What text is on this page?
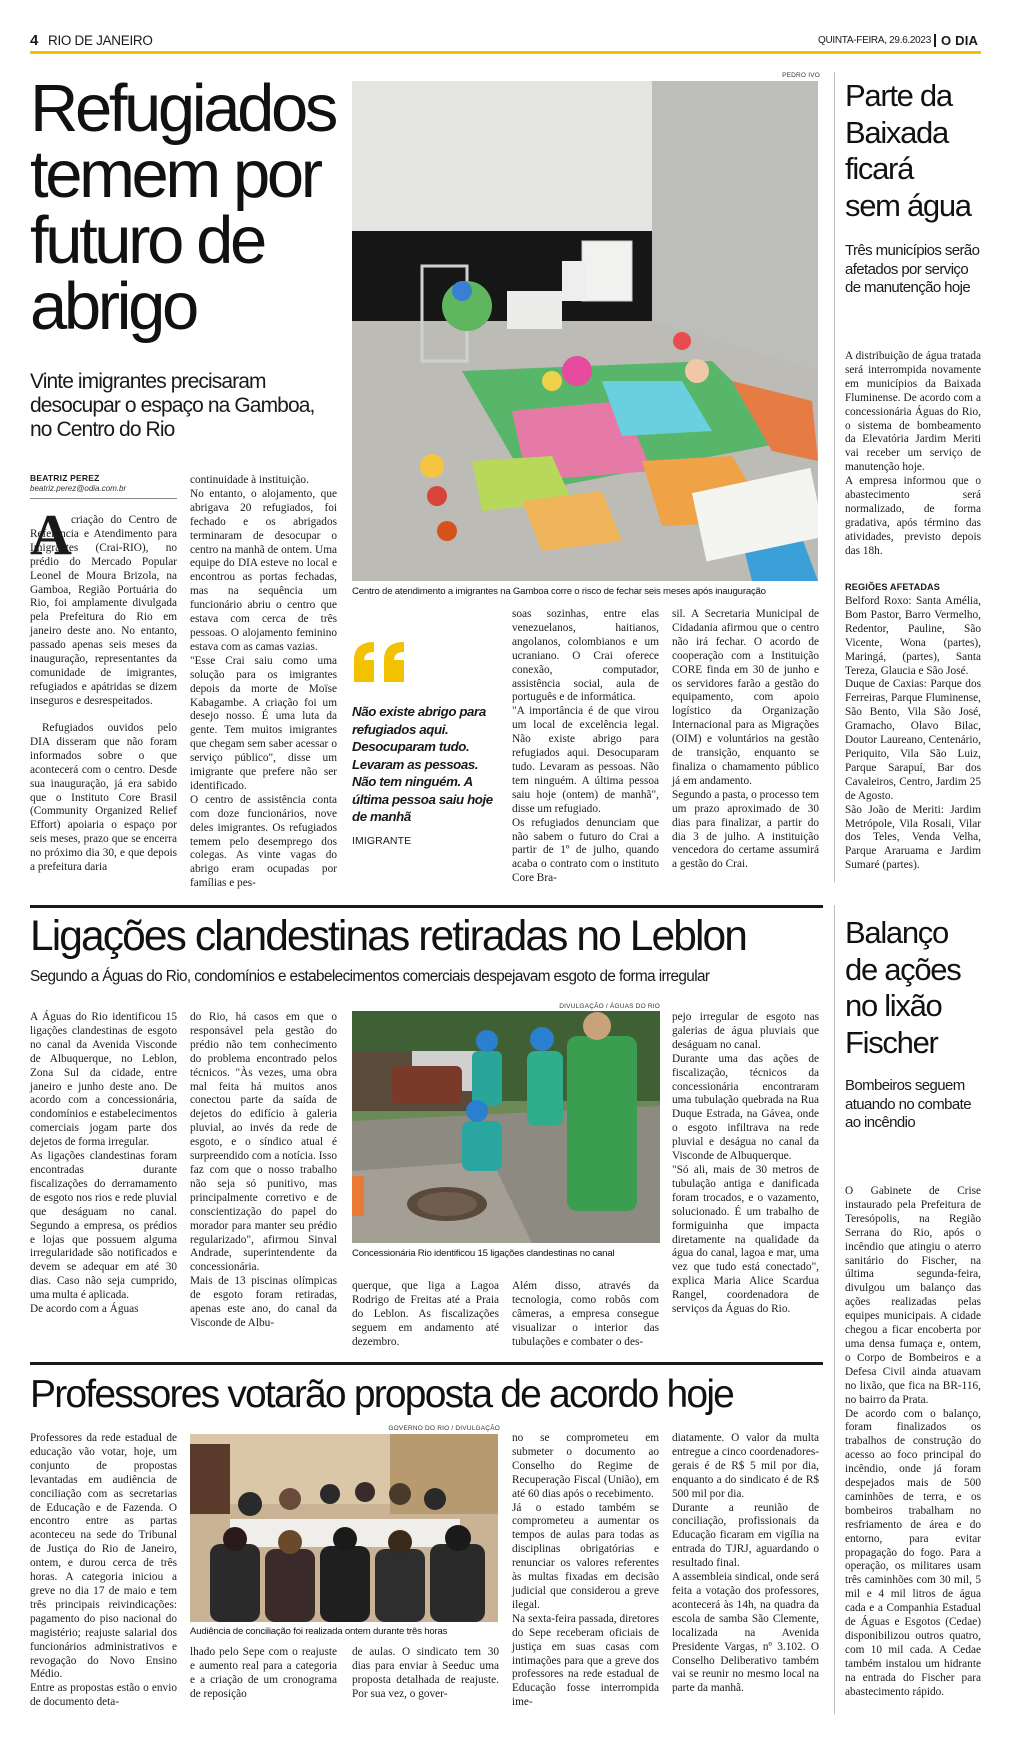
4 RIO DE JANEIRO	QUINTA-FEIRA, 29.6.2023 O DIA
Refugiados
temem por
futuro de
abrigo
Vinte imigrantes precisaram desocupar o espaço na Gamboa, no Centro do Rio
BEATRIZ PEREZ
beatriz.perez@odia.com.br
A criação do Centro de Referência e Atendimento para Imigrantes (Crai-RIO), no prédio do Mercado Popular Leonel de Moura Brizola, na Gamboa, Região Portuária do Rio, foi amplamente divulgada pela Prefeitura do Rio em janeiro deste ano. No entanto, passado apenas seis meses da inauguração, representantes da comunidade de imigrantes, refugiados e apátridas se dizem inseguros e desrespeitados.
Refugiados ouvidos pelo DIA disseram que não foram informados sobre o que acontecerá com o centro. Desde sua inauguração, já era sabido que o Instituto Core Brasil (Community Organized Relief Effort) apoiaria o espaço por seis meses, prazo que se encerra no próximo dia 30, e que depois a prefeitura daria
continuidade à instituição.
No entanto, o alojamento, que abrigava 20 refugiados, foi fechado e os abrigados terminaram de desocupar o centro na manhã de ontem. Uma equipe do DIA esteve no local e encontrou as portas fechadas, mas na sequência um funcionário abriu o centro que estava com cerca de três pessoas. O alojamento feminino estava com as camas vazias.
"Esse Crai saiu como uma solução para os imigrantes depois da morte de Moïse Kabagambe. A criação foi um desejo nosso. É uma luta da gente. Tem muitos imigrantes que chegam sem saber acessar o serviço público", disse um imigrante que prefere não ser identificado.
O centro de assistência conta com doze funcionários, nove deles imigrantes. Os refugiados temem pelo desemprego dos colegas. As vinte vagas do abrigo eram ocupadas por famílias e pes-
PEDRO IVO
Centro de atendimento a imigrantes na Gamboa corre o risco de fechar seis meses após inauguração
Não existe abrigo para refugiados aqui. Desocuparam tudo. Levaram as pessoas. Não tem ninguém. A última pessoa saiu hoje de manhã
IMIGRANTE
soas sozinhas, entre elas venezuelanos, haitianos, angolanos, colombianos e um ucraniano. O Crai oferece conexão, computador, assistência social, aula de português e de informática.
"A importância é de que virou um local de excelência legal. Não existe abrigo para refugiados aqui. Desocuparam tudo. Levaram as pessoas. Não tem ninguém. A última pessoa saiu hoje (ontem) de manhã", disse um refugiado.
Os refugiados denunciam que não sabem o futuro do Crai a partir de 1º de julho, quando acaba o contrato com o instituto Core Bra-
sil. A Secretaria Municipal de Cidadania afirmou que o centro não irá fechar. O acordo de cooperação com a Instituição CORE finda em 30 de junho e os servidores farão a gestão do equipamento, com apoio logístico da Organização Internacional para as Migrações (OIM) e voluntários na gestão de transição, enquanto se finaliza o chamamento público já em andamento.
Segundo a pasta, o processo tem um prazo aproximado de 30 dias para finalizar, a partir do dia 3 de julho. A instituição vencedora do certame assumirá a gestão do Crai.
Parte da
Baixada
ficará
sem água
Três municípios serão afetados por serviço de manutenção hoje
A distribuição de água tratada será interrompida novamente em municípios da Baixada Fluminense. De acordo com a concessionária Águas do Rio, o sistema de bombeamento da Elevatória Jardim Meriti vai receber um serviço de manutenção hoje.
A empresa informou que o abastecimento será normalizado, de forma gradativa, após término das atividades, previsto depois das 18h.
REGIÕES AFETADAS
Belford Roxo: Santa Amélia, Bom Pastor, Barro Vermelho, Redentor, Pauline, São Vicente, Wona (partes), Maringá, (partes), Santa Tereza, Glaucia e São José.
Duque de Caxias: Parque dos Ferreiras, Parque Fluminense, São Bento, Vila São José, Gramacho, Olavo Bilac, Doutor Laureano, Centenário, Periquito, Vila São Luiz, Parque Sarapuí, Bar dos Cavaleiros, Centro, Jardim 25 de Agosto.
São João de Meriti: Jardim Metrópole, Vila Rosali, Vilar dos Teles, Venda Velha, Parque Araruama e Jardim Sumaré (partes).
Ligações clandestinas retiradas no Leblon
Segundo a Águas do Rio, condomínios e estabelecimentos comerciais despejavam esgoto de forma irregular
A Águas do Rio identificou 15 ligações clandestinas de esgoto no canal da Avenida Visconde de Albuquerque, no Leblon, Zona Sul da cidade, entre janeiro e junho deste ano. De acordo com a concessionária, condomínios e estabelecimentos comerciais jogam parte dos dejetos de forma irregular.
As ligações clandestinas foram encontradas durante fiscalizações do derramamento de esgoto nos rios e rede pluvial que deságuam no canal. Segundo a empresa, os prédios e lojas que possuem alguma irregularidade são notificados e devem se adequar em até 30 dias. Caso não seja cumprido, uma multa é aplicada.
De acordo com a Águas
do Rio, há casos em que o responsável pela gestão do prédio não tem conhecimento do problema encontrado pelos técnicos. "Às vezes, uma obra mal feita há muitos anos conectou parte da saída de dejetos do edifício à galeria pluvial, ao invés da rede de esgoto, e o síndico atual é surpreendido com a notícia. Isso faz com que o nosso trabalho não seja só punitivo, mas principalmente corretivo e de conscientização do papel do morador para manter seu prédio regularizado", afirmou Sinval Andrade, superintendente da concessionária.
Mais de 13 piscinas olímpicas de esgoto foram retiradas, apenas este ano, do canal da Visconde de Albu-
DIVULGAÇÃO / ÁGUAS DO RIO
Concessionária Rio identificou 15 ligações clandestinas no canal
querque, que liga a Lagoa Rodrigo de Freitas até a Praia do Leblon. As fiscalizações seguem em andamento até dezembro.
Além disso, através da tecnologia, como robôs com câmeras, a empresa consegue visualizar o interior das tubulações e combater o des-
pejo irregular de esgoto nas galerias de água pluviais que deságuam no canal.
Durante uma das ações de fiscalização, técnicos da concessionária encontraram uma tubulação quebrada na Rua Duque Estrada, na Gávea, onde o esgoto infiltrava na rede pluvial e deságua no canal da Visconde de Albuquerque.
"Só ali, mais de 30 metros de tubulação antiga e danificada foram trocados, e o vazamento, solucionado. É um trabalho de formiguinha que impacta diretamente na qualidade da água do canal, lagoa e mar, uma vez que tudo está conectado", explica Maria Alice Scardua Rangel, coordenadora de serviços da Águas do Rio.
Balanço
de ações
no lixão
Fischer
Bombeiros seguem atuando no combate ao incêndio
O Gabinete de Crise instaurado pela Prefeitura de Teresópolis, na Região Serrana do Rio, após o incêndio que atingiu o aterro sanitário do Fischer, na última segunda-feira, divulgou um balanço das ações realizadas pelas equipes municipais. A cidade chegou a ficar encoberta por uma densa fumaça e, ontem, o Corpo de Bombeiros e a Defesa Civil ainda atuavam no lixão, que fica na BR-116, no bairro da Prata.
De acordo com o balanço, foram finalizados os trabalhos de construção do acesso ao foco principal do incêndio, onde já foram despejados mais de 500 caminhões de terra, e os bombeiros trabalham no resfriamento de área e do entorno, para evitar propagação do fogo. Para a operação, os militares usam três caminhões com 30 mil, 5 mil e 4 mil litros de água cada e a Companhia Estadual de Águas e Esgotos (Cedae) disponibilizou outros quatro, com 10 mil cada. A Cedae também instalou um hidrante na entrada do Fischer para abastecimento rápido.
Professores votarão proposta de acordo hoje
Professores da rede estadual de educação vão votar, hoje, um conjunto de propostas levantadas em audiência de conciliação com as secretarias de Educação e de Fazenda. O encontro entre as partas aconteceu na sede do Tribunal de Justiça do Rio de Janeiro, ontem, e durou cerca de três horas. A categoria iniciou a greve no dia 17 de maio e tem três principais reivindicações: pagamento do piso nacional do magistério; reajuste salarial dos funcionários administrativos e revogação do Novo Ensino Médio.
Entre as propostas estão o envio de documento deta-
GOVERNO DO RIO / DIVULGAÇÃO
Audiência de conciliação foi realizada ontem durante três horas
lhado pelo Sepe com o reajuste e aumento real para a categoria e a criação de um cronograma de reposição
de aulas. O sindicato tem 30 dias para enviar à Seeduc uma proposta detalhada de reajuste. Por sua vez, o gover-
no se comprometeu em submeter o documento ao Conselho do Regime de Recuperação Fiscal (União), em até 60 dias após o recebimento.
Já o estado também se comprometeu a aumentar os tempos de aulas para todas as disciplinas obrigatórias e renunciar os valores referentes às multas fixadas em decisão judicial que considerou a greve ilegal.
Na sexta-feira passada, diretores do Sepe receberam oficiais de justiça em suas casas com intimações para que a greve dos professores na rede estadual de Educação fosse interrompida ime-
diatamente. O valor da multa entregue a cinco coordenadores-gerais é de R$ 5 mil por dia, enquanto a do sindicato é de R$ 500 mil por dia.
Durante a reunião de conciliação, profissionais da Educação ficaram em vigília na entrada do TJRJ, aguardando o resultado final.
A assembleia sindical, onde será feita a votação dos professores, acontecerá às 14h, na quadra da escola de samba São Clemente, localizada na Avenida Presidente Vargas, nº 3.102. O Conselho Deliberativo também vai se reunir no mesmo local na parte da manhã.
